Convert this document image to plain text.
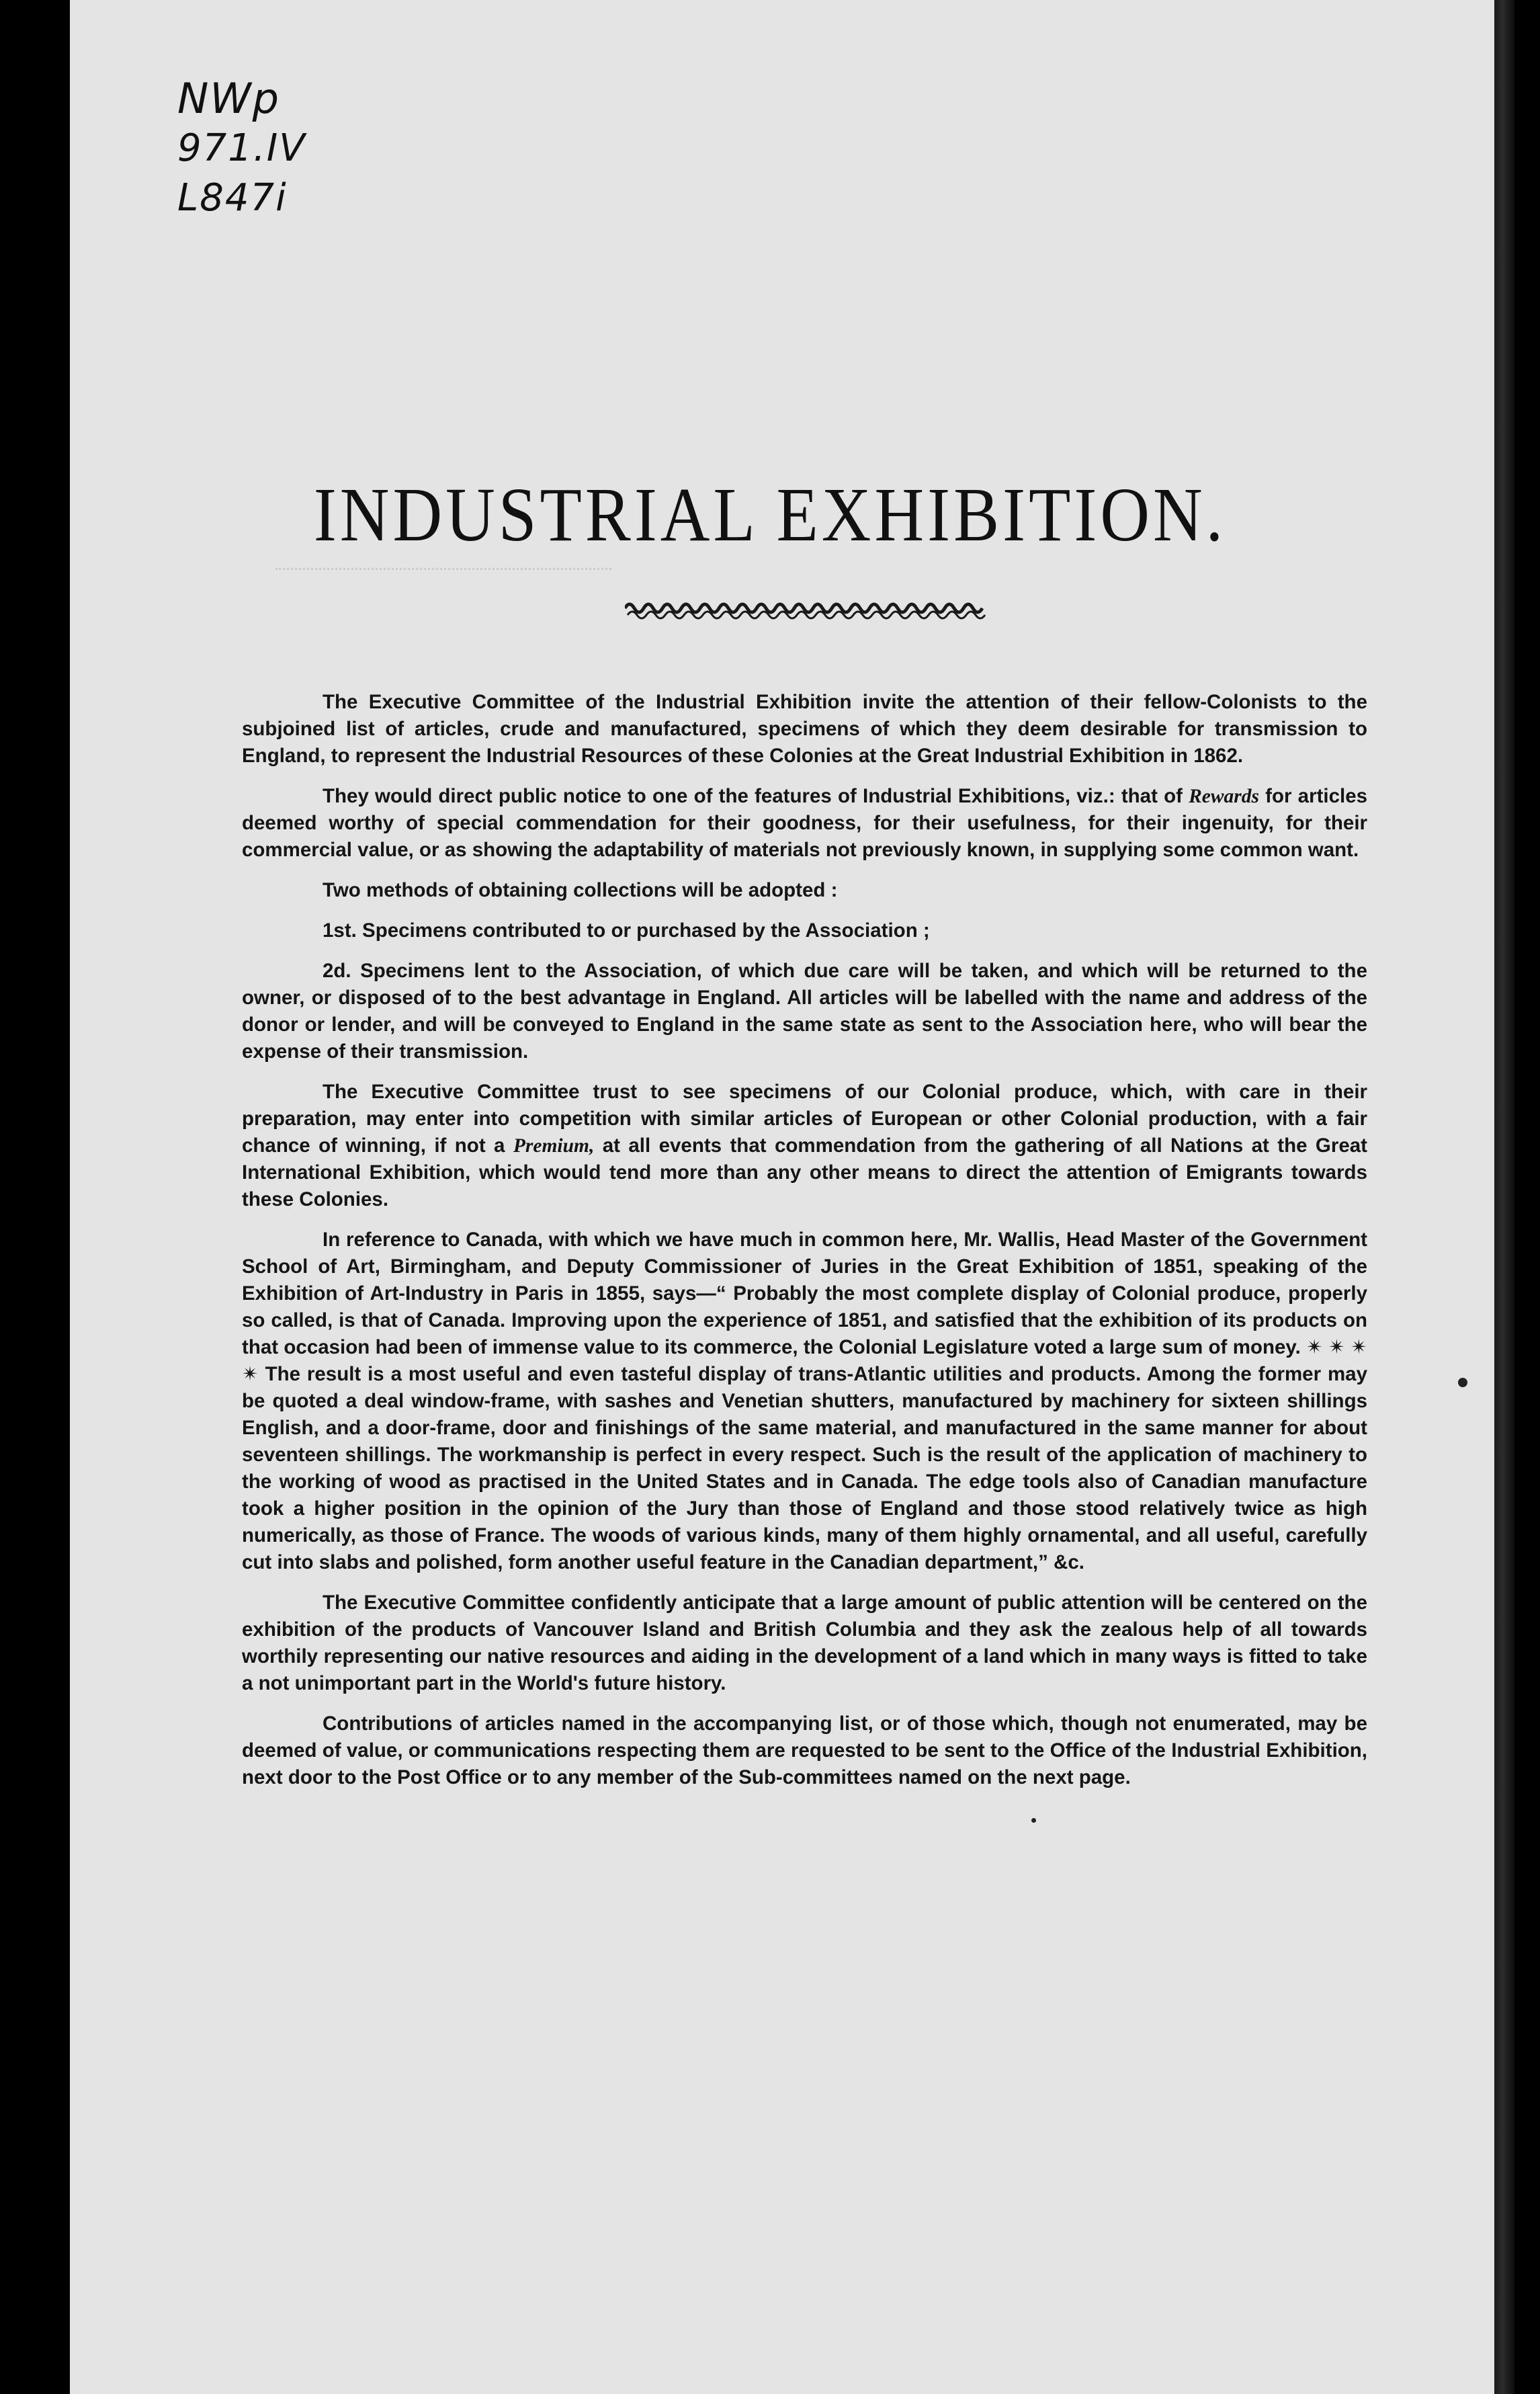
NWp
971.IV
L847i
INDUSTRIAL EXHIBITION.

The Executive Committee of the Industrial Exhibition invite the attention of their fellow-Colonists to the subjoined list of articles, crude and manufactured, specimens of which they deem desirable for transmission to England, to represent the Industrial Resources of these Colonies at the Great Industrial Exhibition in 1862.

They would direct public notice to one of the features of Industrial Exhibitions, viz.: that of Rewards for articles deemed worthy of special commendation for their goodness, for their usefulness, for their ingenuity, for their commercial value, or as showing the adaptability of materials not previously known, in supplying some common want.

Two methods of obtaining collections will be adopted :

1st. Specimens contributed to or purchased by the Association ;

2d. Specimens lent to the Association, of which due care will be taken, and which will be returned to the owner, or disposed of to the best advantage in England. All articles will be labelled with the name and address of the donor or lender, and will be conveyed to England in the same state as sent to the Association here, who will bear the expense of their transmission.

The Executive Committee trust to see specimens of our Colonial produce, which, with care in their preparation, may enter into competition with similar articles of European or other Colonial production, with a fair chance of winning, if not a Premium, at all events that commendation from the gathering of all Nations at the Great International Exhibition, which would tend more than any other means to direct the attention of Emigrants towards these Colonies.

In reference to Canada, with which we have much in common here, Mr. Wallis, Head Master of the Government School of Art, Birmingham, and Deputy Commissioner of Juries in the Great Exhibition of 1851, speaking of the Exhibition of Art-Industry in Paris in 1855, says—“ Probably the most complete display of Colonial produce, properly so called, is that of Canada. Improving upon the experience of 1851, and satisfied that the exhibition of its products on that occasion had been of immense value to its commerce, the Colonial Legislature voted a large sum of money. ✴ ✴ ✴ ✴ The result is a most useful and even tasteful display of trans-Atlantic utilities and products. Among the former may be quoted a deal window-frame, with sashes and Venetian shutters, manufactured by machinery for sixteen shillings English, and a door-frame, door and finishings of the same material, and manufactured in the same manner for about seventeen shillings. The workmanship is perfect in every respect. Such is the result of the application of machinery to the working of wood as practised in the United States and in Canada. The edge tools also of Canadian manufacture took a higher position in the opinion of the Jury than those of England and those stood relatively twice as high numerically, as those of France. The woods of various kinds, many of them highly ornamental, and all useful, carefully cut into slabs and polished, form another useful feature in the Canadian department,” &c.

The Executive Committee confidently anticipate that a large amount of public attention will be centered on the exhibition of the products of Vancouver Island and British Columbia and they ask the zealous help of all towards worthily representing our native resources and aiding in the development of a land which in many ways is fitted to take a not unimportant part in the World's future history.

Contributions of articles named in the accompanying list, or of those which, though not enumerated, may be deemed of value, or communications respecting them are requested to be sent to the Office of the Industrial Exhibition, next door to the Post Office or to any member of the Sub-committees named on the next page.
